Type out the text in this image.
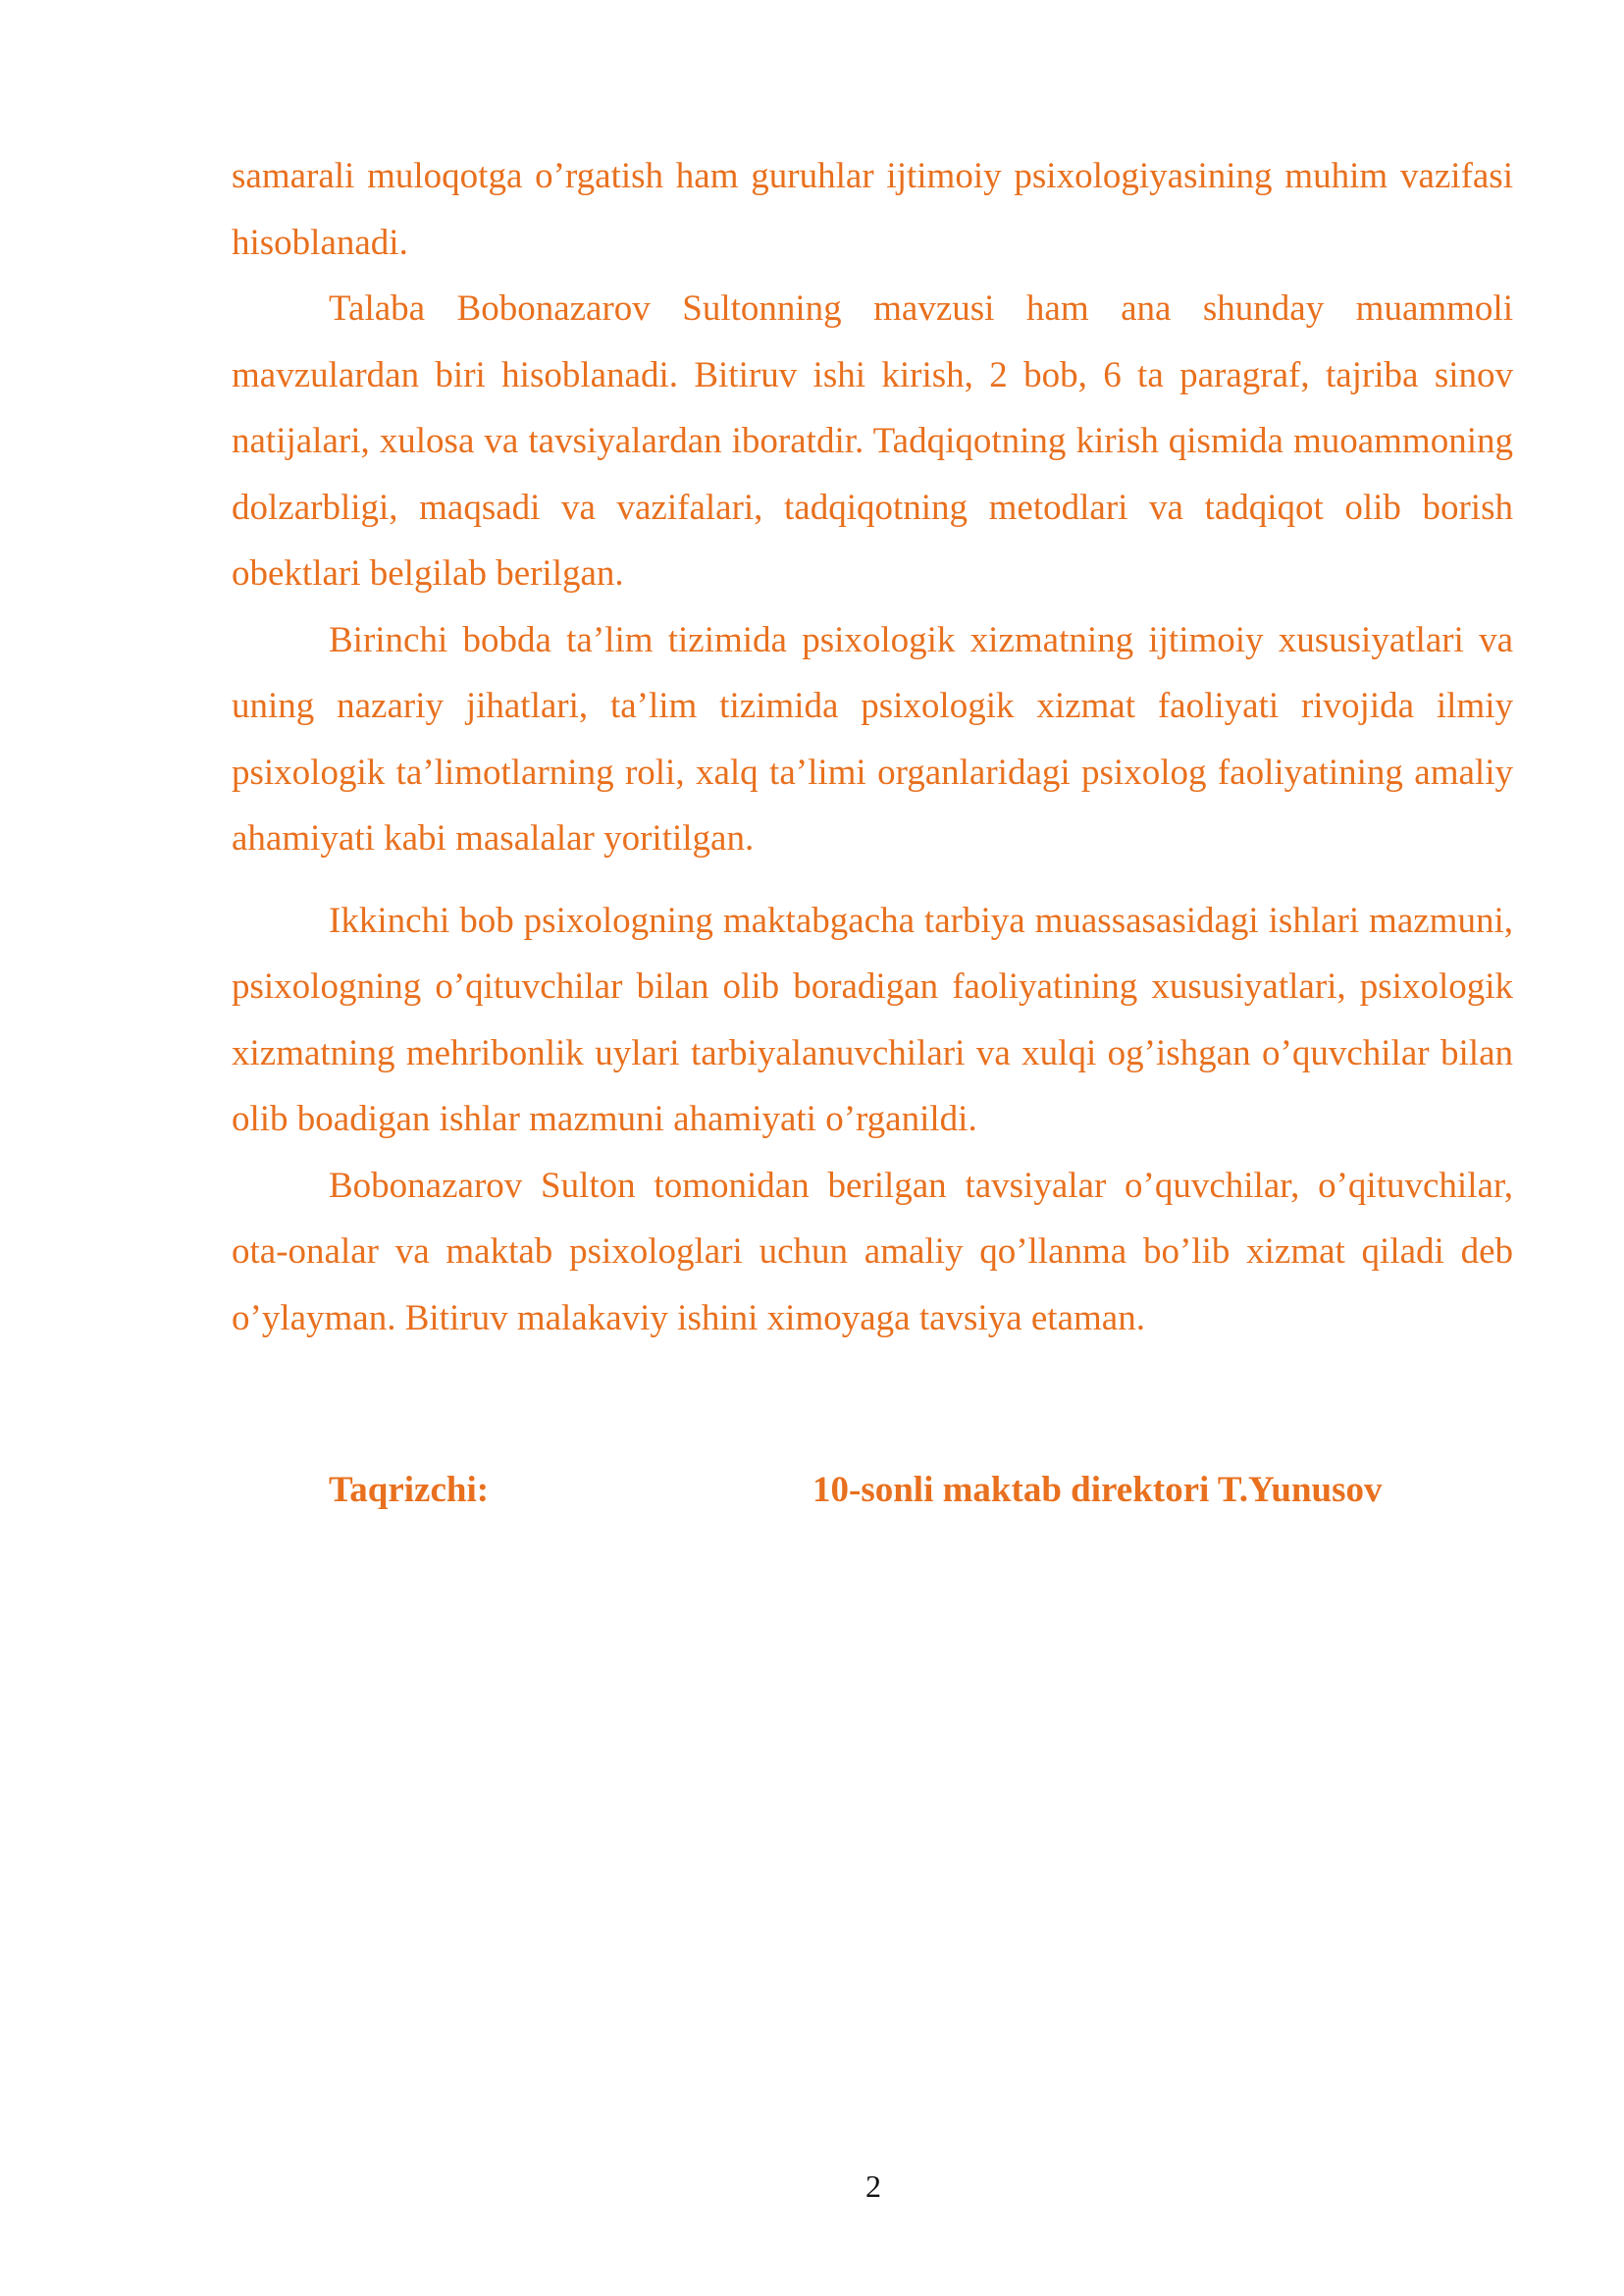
samarali muloqotga o’rgatish ham guruhlar ijtimoiy psixologiyasining muhim vazifasi hisoblanadi.

Talaba Bobonazarov Sultonning mavzusi ham ana shunday muammoli mavzulardan biri hisoblanadi. Bitiruv ishi kirish, 2 bob, 6 ta paragraf, tajriba sinov natijalari, xulosa va tavsiyalardan iboratdir. Tadqiqotning kirish qismida muoammoning dolzarbligi, maqsadi va vazifalari, tadqiqotning metodlari va tadqiqot olib borish obektlari belgilab berilgan.

Birinchi bobda ta’lim tizimida psixologik xizmatning ijtimoiy xususiyatlari va uning nazariy jihatlari, ta’lim tizimida psixologik xizmat faoliyati rivojida ilmiy psixologik ta’limotlarning roli, xalq ta’limi organlaridagi psixolog faoliyatining amaliy ahamiyati kabi masalalar yoritilgan.

Ikkinchi bob psixologning maktabgacha tarbiya muassasasidagi ishlari mazmuni, psixologning o’qituvchilar bilan olib boradigan faoliyatining xususiyatlari, psixologik xizmatning mehribonlik uylari tarbiyalanuvchilari va xulqi og’ishgan o’quvchilar bilan olib boadigan ishlar mazmuni ahamiyati o’rganildi.

Bobonazarov Sulton tomonidan berilgan tavsiyalar o’quvchilar, o’qituvchilar, ota-onalar va maktab psixologlari uchun amaliy qo’llanma bo’lib xizmat qiladi deb o’ylayman. Bitiruv malakaviy ishini ximoyaga tavsiya etaman.

Taqrizchi:	10-sonli maktab direktori T.Yunusov
2
